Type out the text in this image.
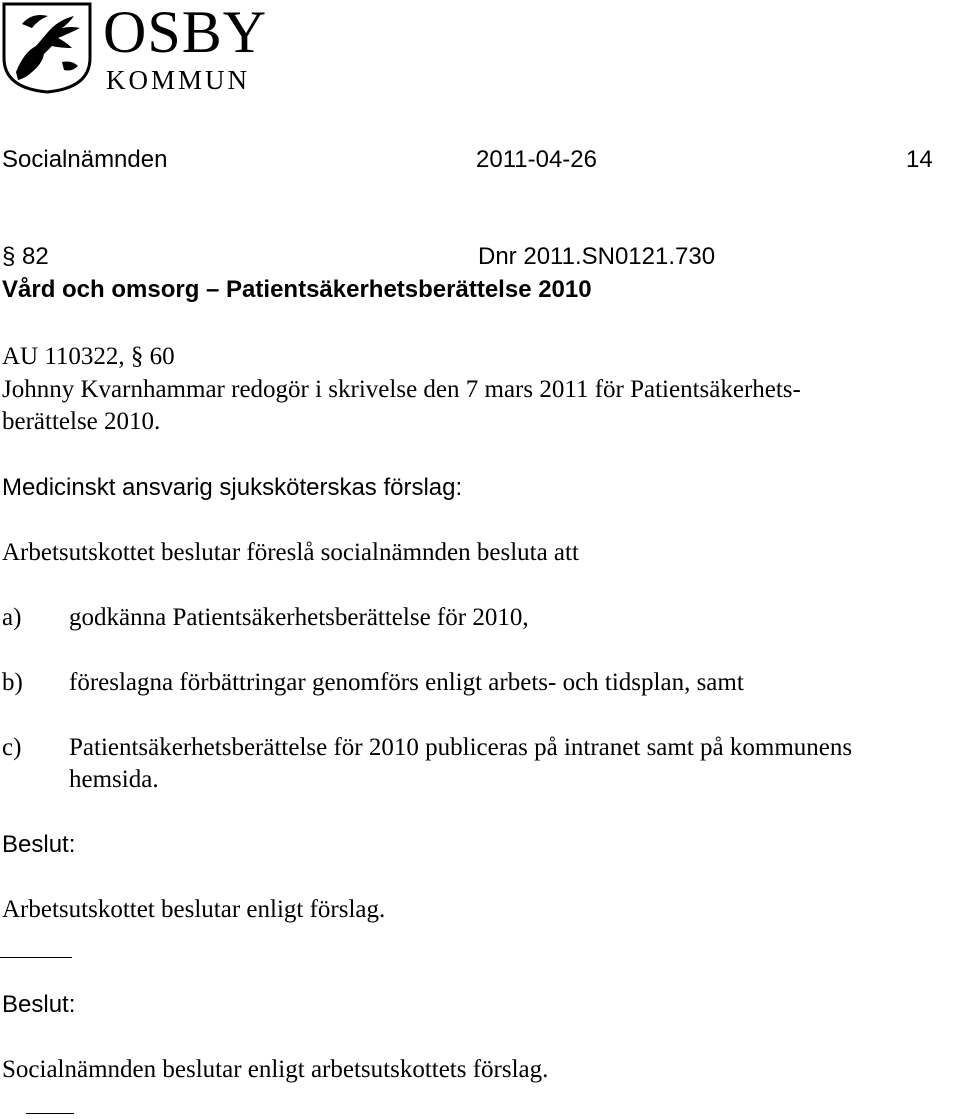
OSBY
KOMMUN
Socialnämnden	2011-04-26	14
§ 82	Dnr 2011.SN0121.730
Vård och omsorg – Patientsäkerhetsberättelse 2010
AU 110322, § 60
Johnny Kvarnhammar redogör i skrivelse den 7 mars 2011 för Patientsäkerhets-
berättelse 2010.
Medicinskt ansvarig sjuksköterskas förslag:
Arbetsutskottet beslutar föreslå socialnämnden besluta att
a) godkänna Patientsäkerhetsberättelse för 2010,
b) föreslagna förbättringar genomförs enligt arbets- och tidsplan, samt
c) Patientsäkerhetsberättelse för 2010 publiceras på intranet samt på kommunens
hemsida.
Beslut:
Arbetsutskottet beslutar enligt förslag.
Beslut:
Socialnämnden beslutar enligt arbetsutskottets förslag.
